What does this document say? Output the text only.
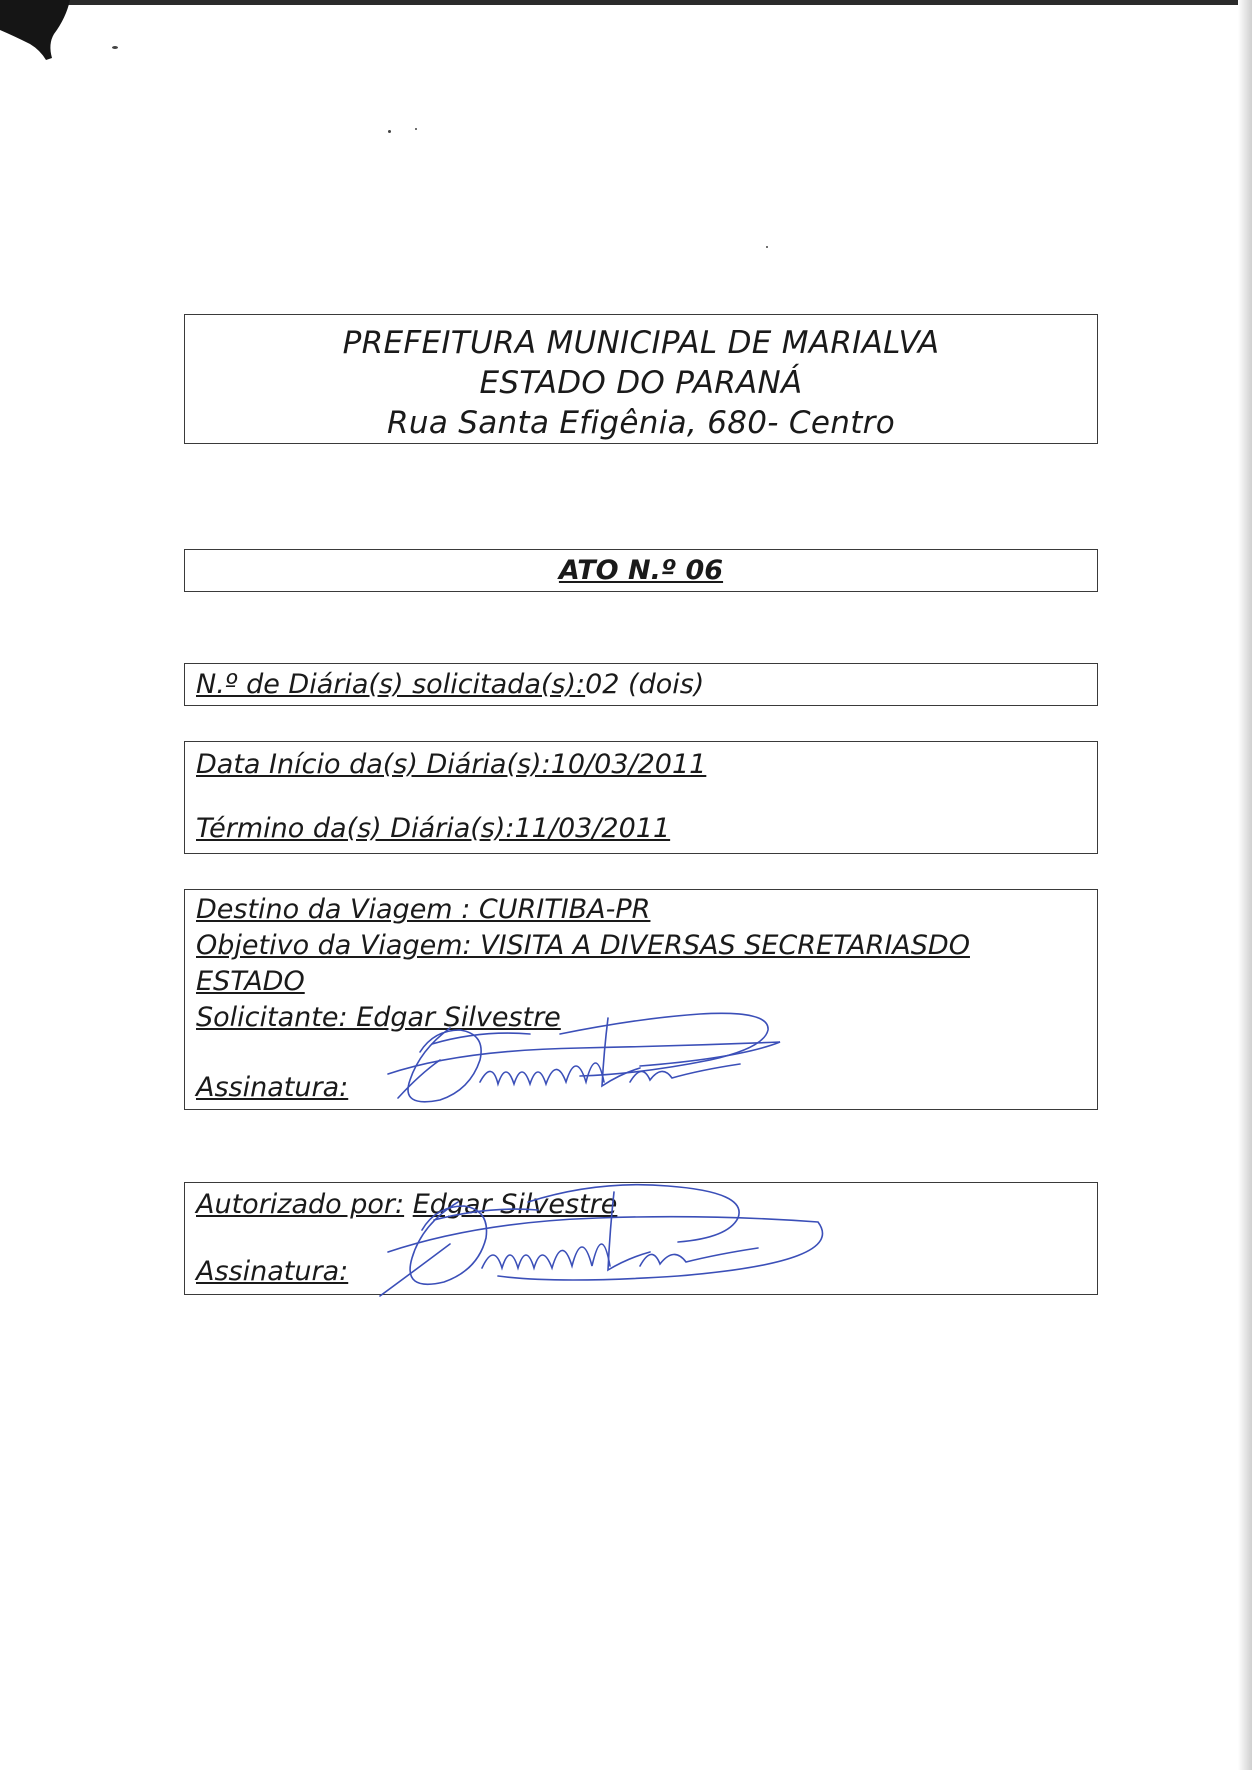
PREFEITURA MUNICIPAL DE MARIALVA
ESTADO DO PARANÁ
Rua Santa Efigênia, 680- Centro
ATO N.º 06
N.º de Diária(s) solicitada(s):02 (dois)
Data Início da(s) Diária(s):10/03/2011
Término da(s) Diária(s):11/03/2011
Destino da Viagem : CURITIBA-PR
Objetivo da Viagem: VISITA A DIVERSAS SECRETARIASDO
ESTADO
Solicitante: Edgar Silvestre
Assinatura:
Autorizado por: Edgar Silvestre
Assinatura:
